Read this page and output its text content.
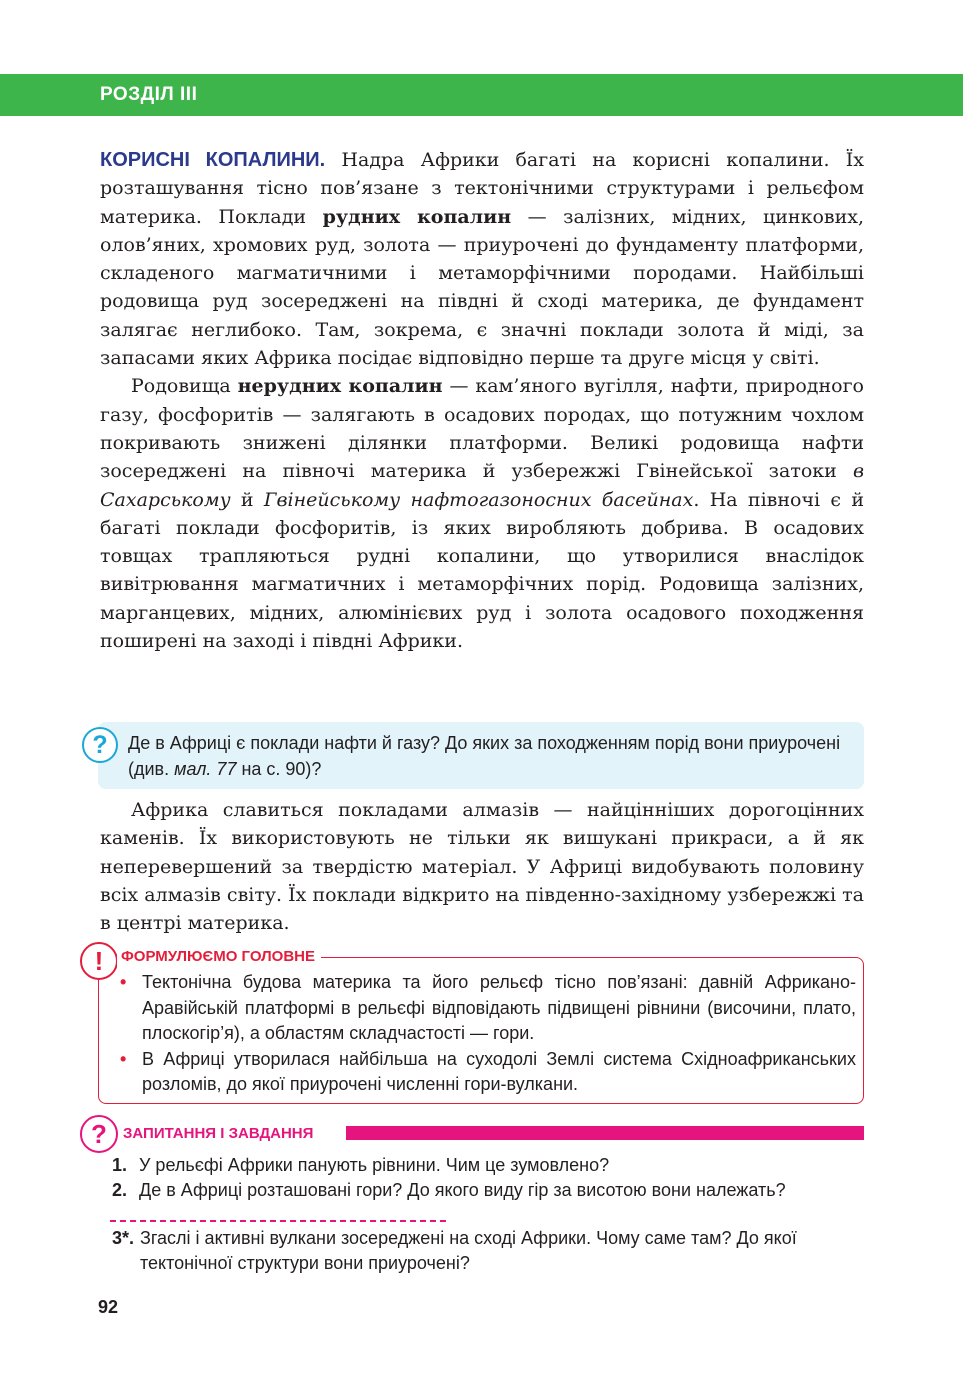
РОЗДІЛ III

КОРИСНІ КОПАЛИНИ. Надра Африки багаті на корисні копалини. Їх розташування тісно пов’язане з тектонічними структурами і рельєфом материка. Поклади рудних копалин — залізних, мідних, цинкових, олов’яних, хромових руд, золота — приурочені до фундаменту платформи, складеного магматичними і метаморфічними породами. Найбільші родовища руд зосереджені на півдні й сході материка, де фундамент залягає неглибоко. Там, зокрема, є значні поклади золота й міді, за запасами яких Африка посідає відповідно перше та друге місця у світі.

Родовища нерудних копалин — кам’яного вугілля, нафти, природного газу, фосфоритів — залягають в осадових породах, що потужним чохлом покривають знижені ділянки платформи. Великі родовища нафти зосереджені на півночі материка й узбережжі Гвінейської затоки в Сахарському й Гвінейському нафтогазоносних басейнах. На півночі є й багаті поклади фосфоритів, із яких виробляють добрива. В осадових товщах трапляються рудні копалини, що утворилися внаслідок вивітрювання магматичних і метаморфічних порід. Родовища залізних, марганцевих, мідних, алюмінієвих руд і золота осадового походження поширені на заході і півдні Африки.

?	Де в Африці є поклади нафти й газу? До яких за походженням порід вони приурочені (див. мал. 77 на с. 90)?

Африка славиться покладами алмазів — найцінніших дорогоцінних каменів. Їх використовують не тільки як вишукані прикраси, а й як неперевершений за твердістю матеріал. У Африці видобувають половину всіх алмазів світу. Їх поклади відкрито на південно-західному узбережжі та в центрі материка.

!	ФОРМУЛЮЄМО ГОЛОВНЕ
• Тектонічна будова материка та його рельєф тісно пов’язані: давній Африкано-Аравійській платформі в рельєфі відповідають підвищені рівнини (височини, плато, плоскогір’я), а областям складчастості — гори.
• В Африці утворилася найбільша на суходолі Землі система Східноафриканських розломів, до якої приурочені численні гори-вулкани.
?	ЗАПИТАННЯ І ЗАВДАННЯ
1. У рельєфі Африки панують рівнини. Чим це зумовлено?
2. Де в Африці розташовані гори? До якого виду гір за висотою вони належать?
3*. Згаслі і активні вулкани зосереджені на сході Африки. Чому саме там? До якої тектонічної структури вони приурочені?
92
